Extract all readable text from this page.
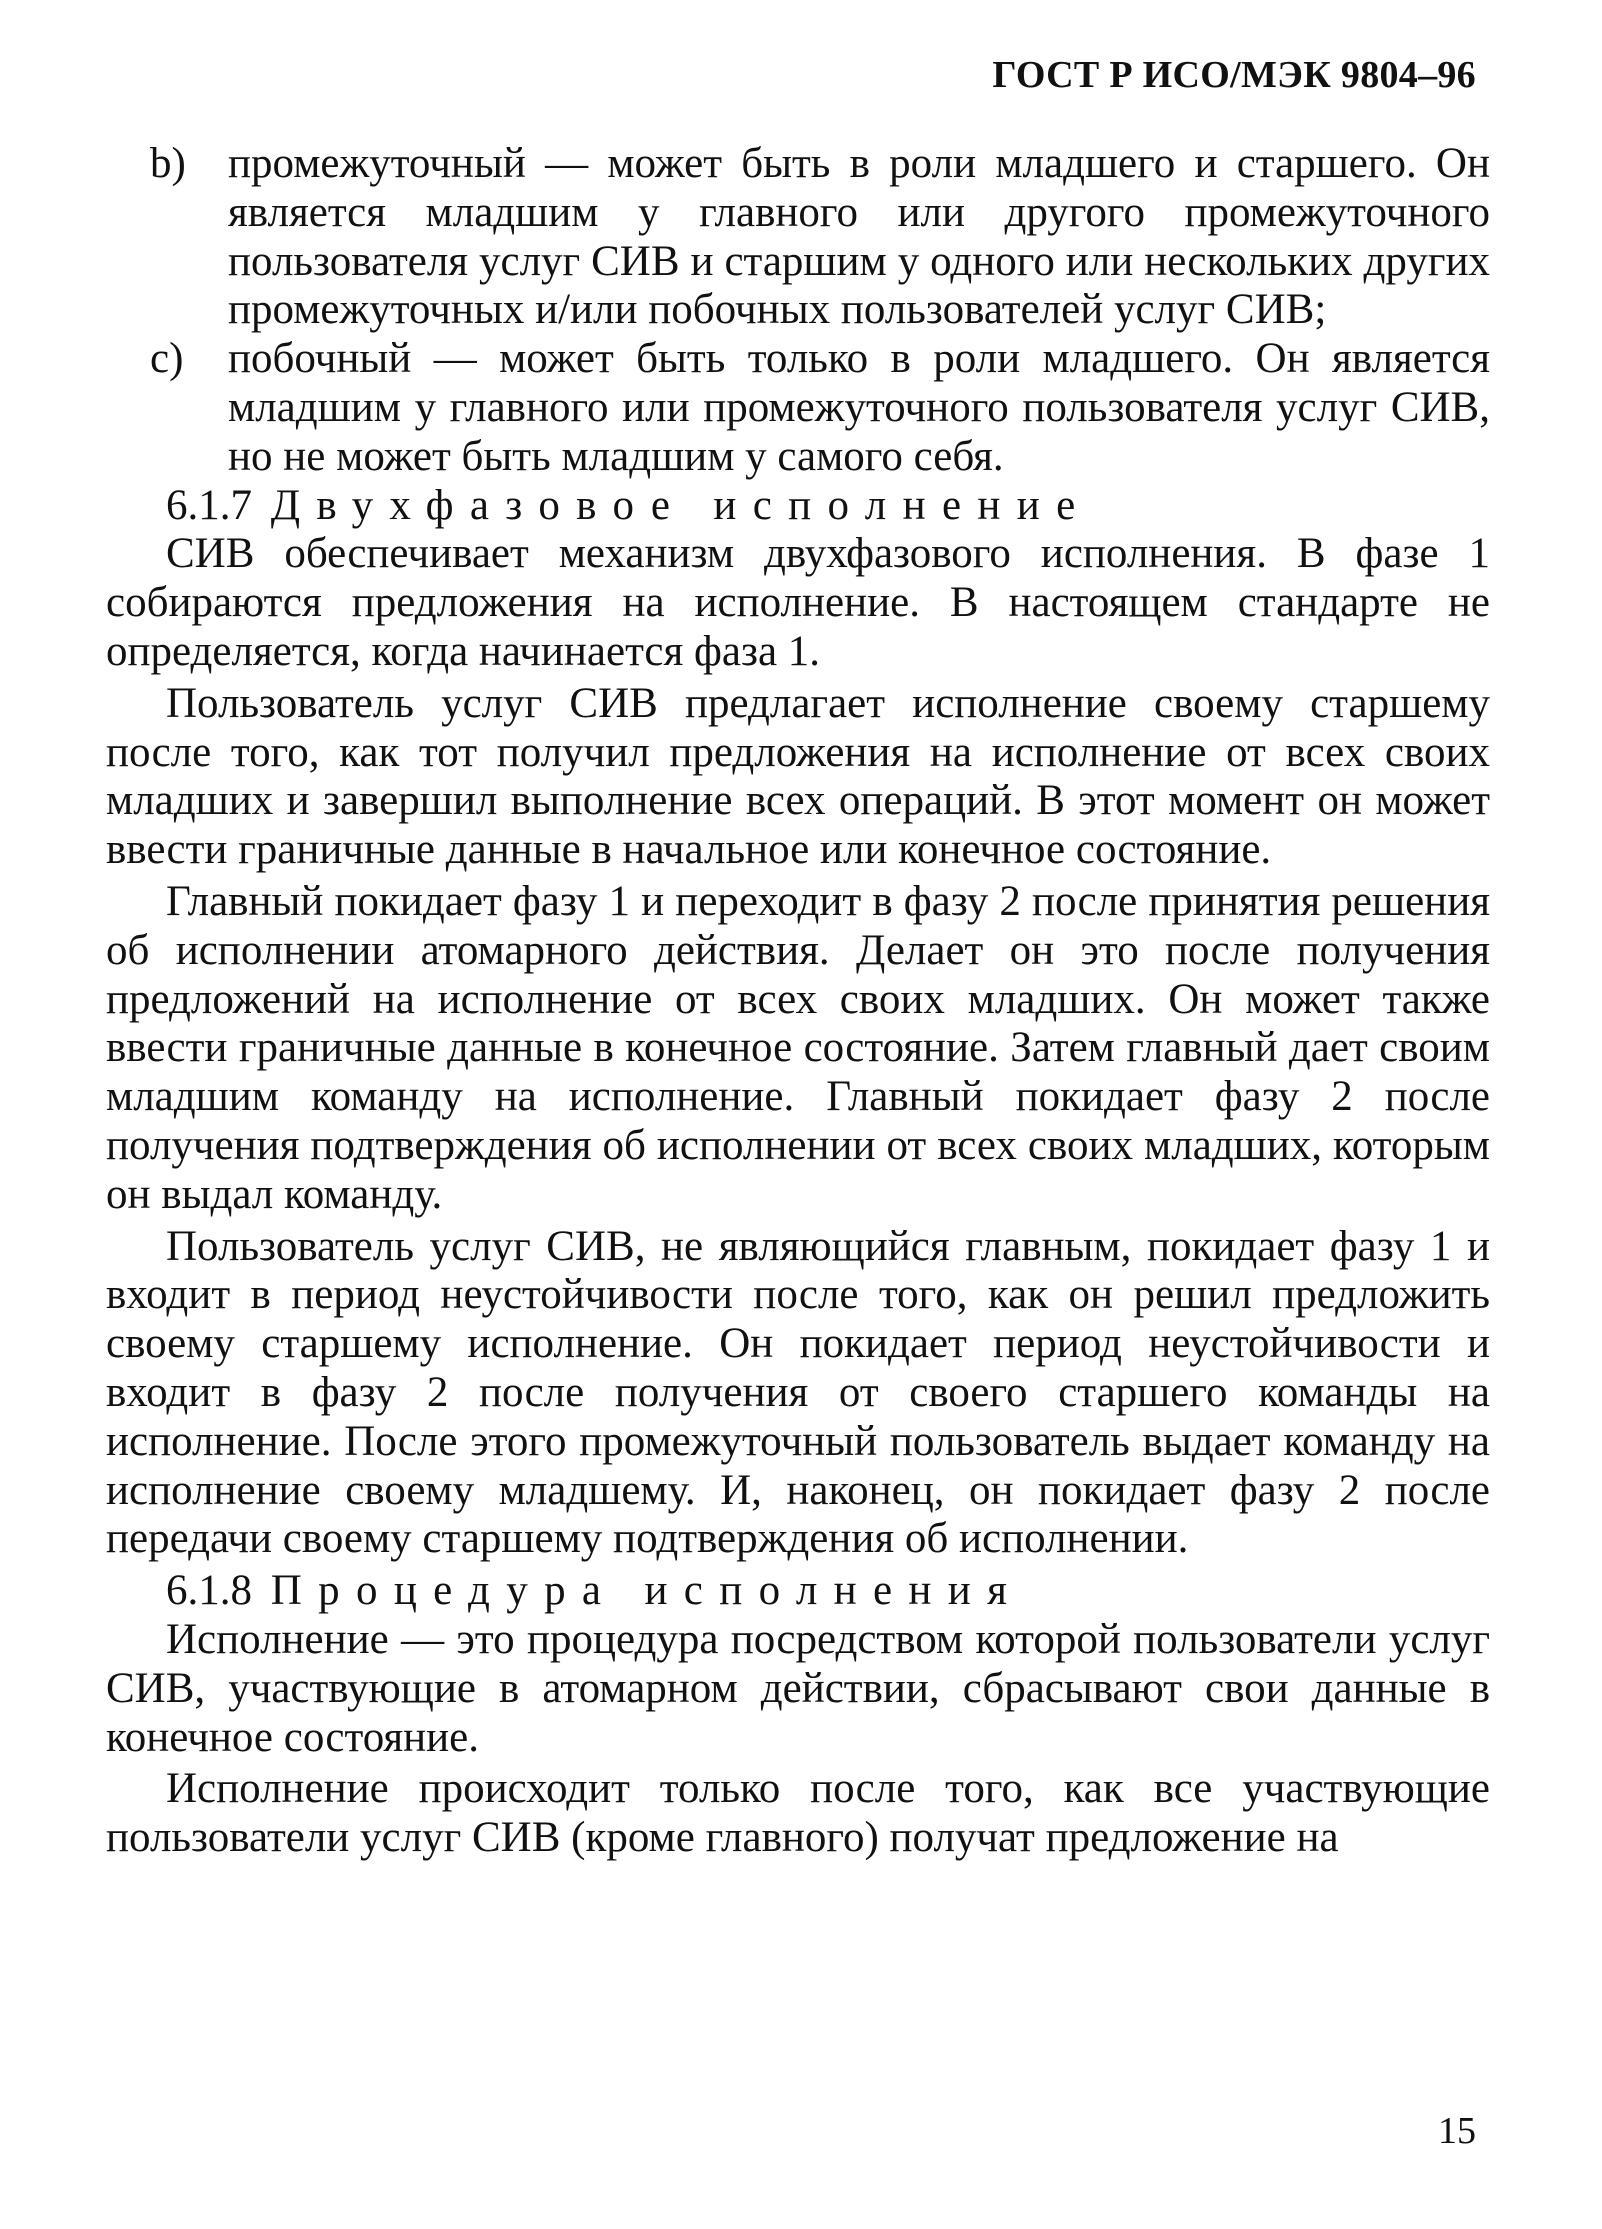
ГОСТ Р ИСО/МЭК 9804–96
b) промежуточный — может быть в роли младшего и старшего. Он является младшим у главного или другого промежуточного пользователя услуг СИВ и старшим у одного или нескольких других промежуточных и/или побочных пользователей услуг СИВ;

c) побочный — может быть только в роли младшего. Он является младшим у главного или промежуточного пользователя услуг СИВ, но не может быть младшим у самого себя.

6.1.7 Двухфазовое исполнение

СИВ обеспечивает механизм двухфазового исполнения. В фазе 1 собираются предложения на исполнение. В настоящем стандарте не определяется, когда начинается фаза 1.

Пользователь услуг СИВ предлагает исполнение своему старшему после того, как тот получил предложения на исполнение от всех своих младших и завершил выполнение всех операций. В этот момент он может ввести граничные данные в начальное или конечное состояние.

Главный покидает фазу 1 и переходит в фазу 2 после принятия решения об исполнении атомарного действия. Делает он это после получения предложений на исполнение от всех своих младших. Он может также ввести граничные данные в конечное состояние. Затем главный дает своим младшим команду на исполнение. Главный покидает фазу 2 после получения подтверждения об исполнении от всех своих младших, которым он выдал команду.

Пользователь услуг СИВ, не являющийся главным, покидает фазу 1 и входит в период неустойчивости после того, как он решил предложить своему старшему исполнение. Он покидает период неустойчивости и входит в фазу 2 после получения от своего старшего команды на исполнение. После этого промежуточный пользователь выдает команду на исполнение своему младшему. И, наконец, он покидает фазу 2 после передачи своему старшему подтверждения об исполнении.

6.1.8 Процедура исполнения

Исполнение — это процедура посредством которой пользователи услуг СИВ, участвующие в атомарном действии, сбрасывают свои данные в конечное состояние.

Исполнение происходит только после того, как все участвующие пользователи услуг СИВ (кроме главного) получат предложение на

15
